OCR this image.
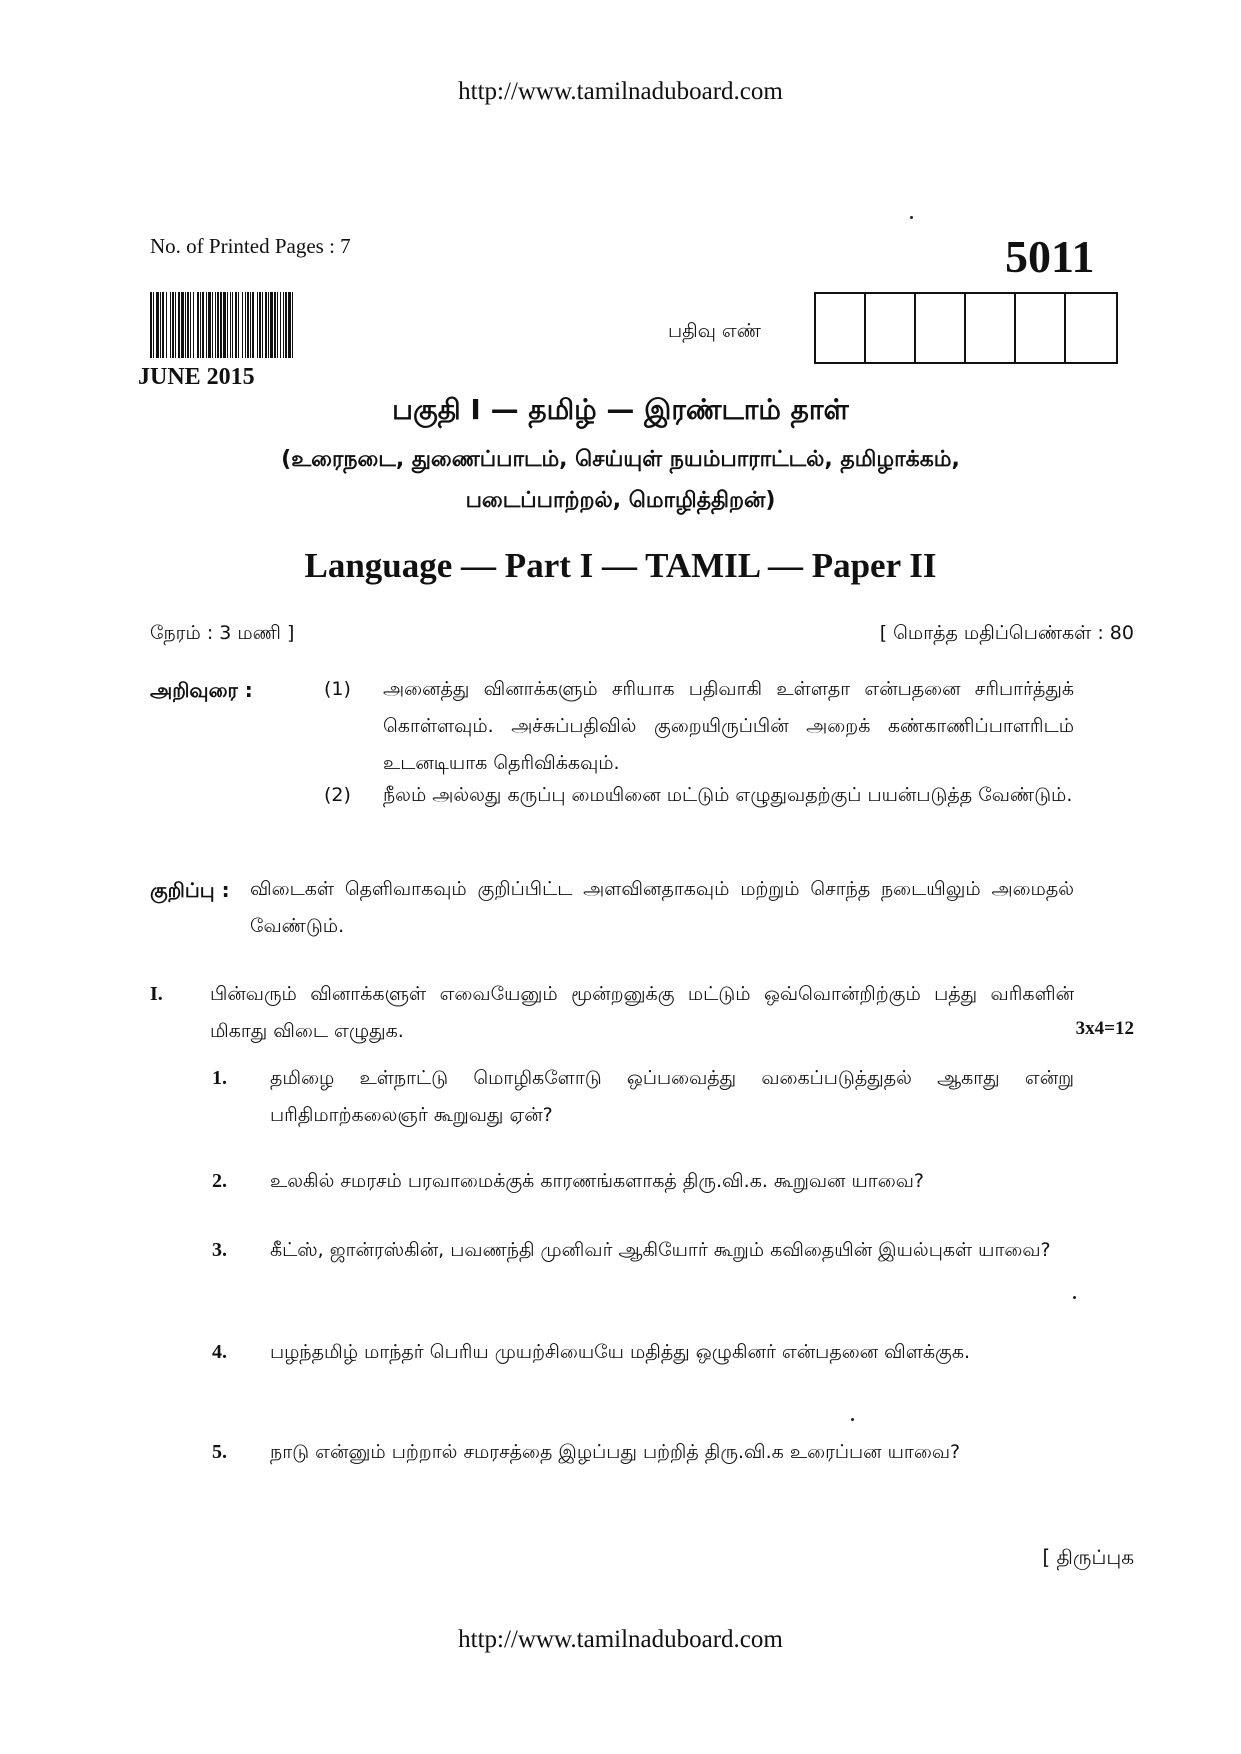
http://www.tamilnaduboard.com
No. of Printed Pages : 7	5011
பதிவு எண்
JUNE 2015
பகுதி I — தமிழ் — இரண்டாம் தாள்
(உரைநடை, துணைப்பாடம், செய்யுள் நயம்பாராட்டல், தமிழாக்கம்,
படைப்பாற்றல், மொழித்திறன்)
Language — Part I — TAMIL — Paper II
நேரம் : 3 மணி ]	[ மொத்த மதிப்பெண்கள் : 80
அறிவுரை :	(1) அனைத்து வினாக்களும் சரியாக பதிவாகி உள்ளதா என்பதனை சரிபார்த்துக் கொள்ளவும். அச்சுப்பதிவில் குறையிருப்பின் அறைக் கண்காணிப்பாளரிடம் உடனடியாக தெரிவிக்கவும்.
(2) நீலம் அல்லது கருப்பு மையினை மட்டும் எழுதுவதற்குப் பயன்படுத்த வேண்டும்.
குறிப்பு : விடைகள் தெளிவாகவும் குறிப்பிட்ட அளவினதாகவும் மற்றும் சொந்த நடையிலும் அமைதல் வேண்டும்.
I. பின்வரும் வினாக்களுள் எவையேனும் மூன்றனுக்கு மட்டும் ஒவ்வொன்றிற்கும் பத்து வரிகளின் மிகாது விடை எழுதுக.	3x4=12
1. தமிழை உள்நாட்டு மொழிகளோடு ஒப்பவைத்து வகைப்படுத்துதல் ஆகாது என்று பரிதிமாற்கலைஞர் கூறுவது ஏன்?
2. உலகில் சமரசம் பரவாமைக்குக் காரணங்களாகத் திரு.வி.க. கூறுவன யாவை?
3. கீட்ஸ், ஜான்ரஸ்கின், பவணந்தி முனிவர் ஆகியோர் கூறும் கவிதையின் இயல்புகள் யாவை?
4. பழந்தமிழ் மாந்தர் பெரிய முயற்சியையே மதித்து ஒழுகினர் என்பதனை விளக்குக.
5. நாடு என்னும் பற்றால் சமரசத்தை இழப்பது பற்றித் திரு.வி.க உரைப்பன யாவை?
[ திருப்புக
http://www.tamilnaduboard.com
